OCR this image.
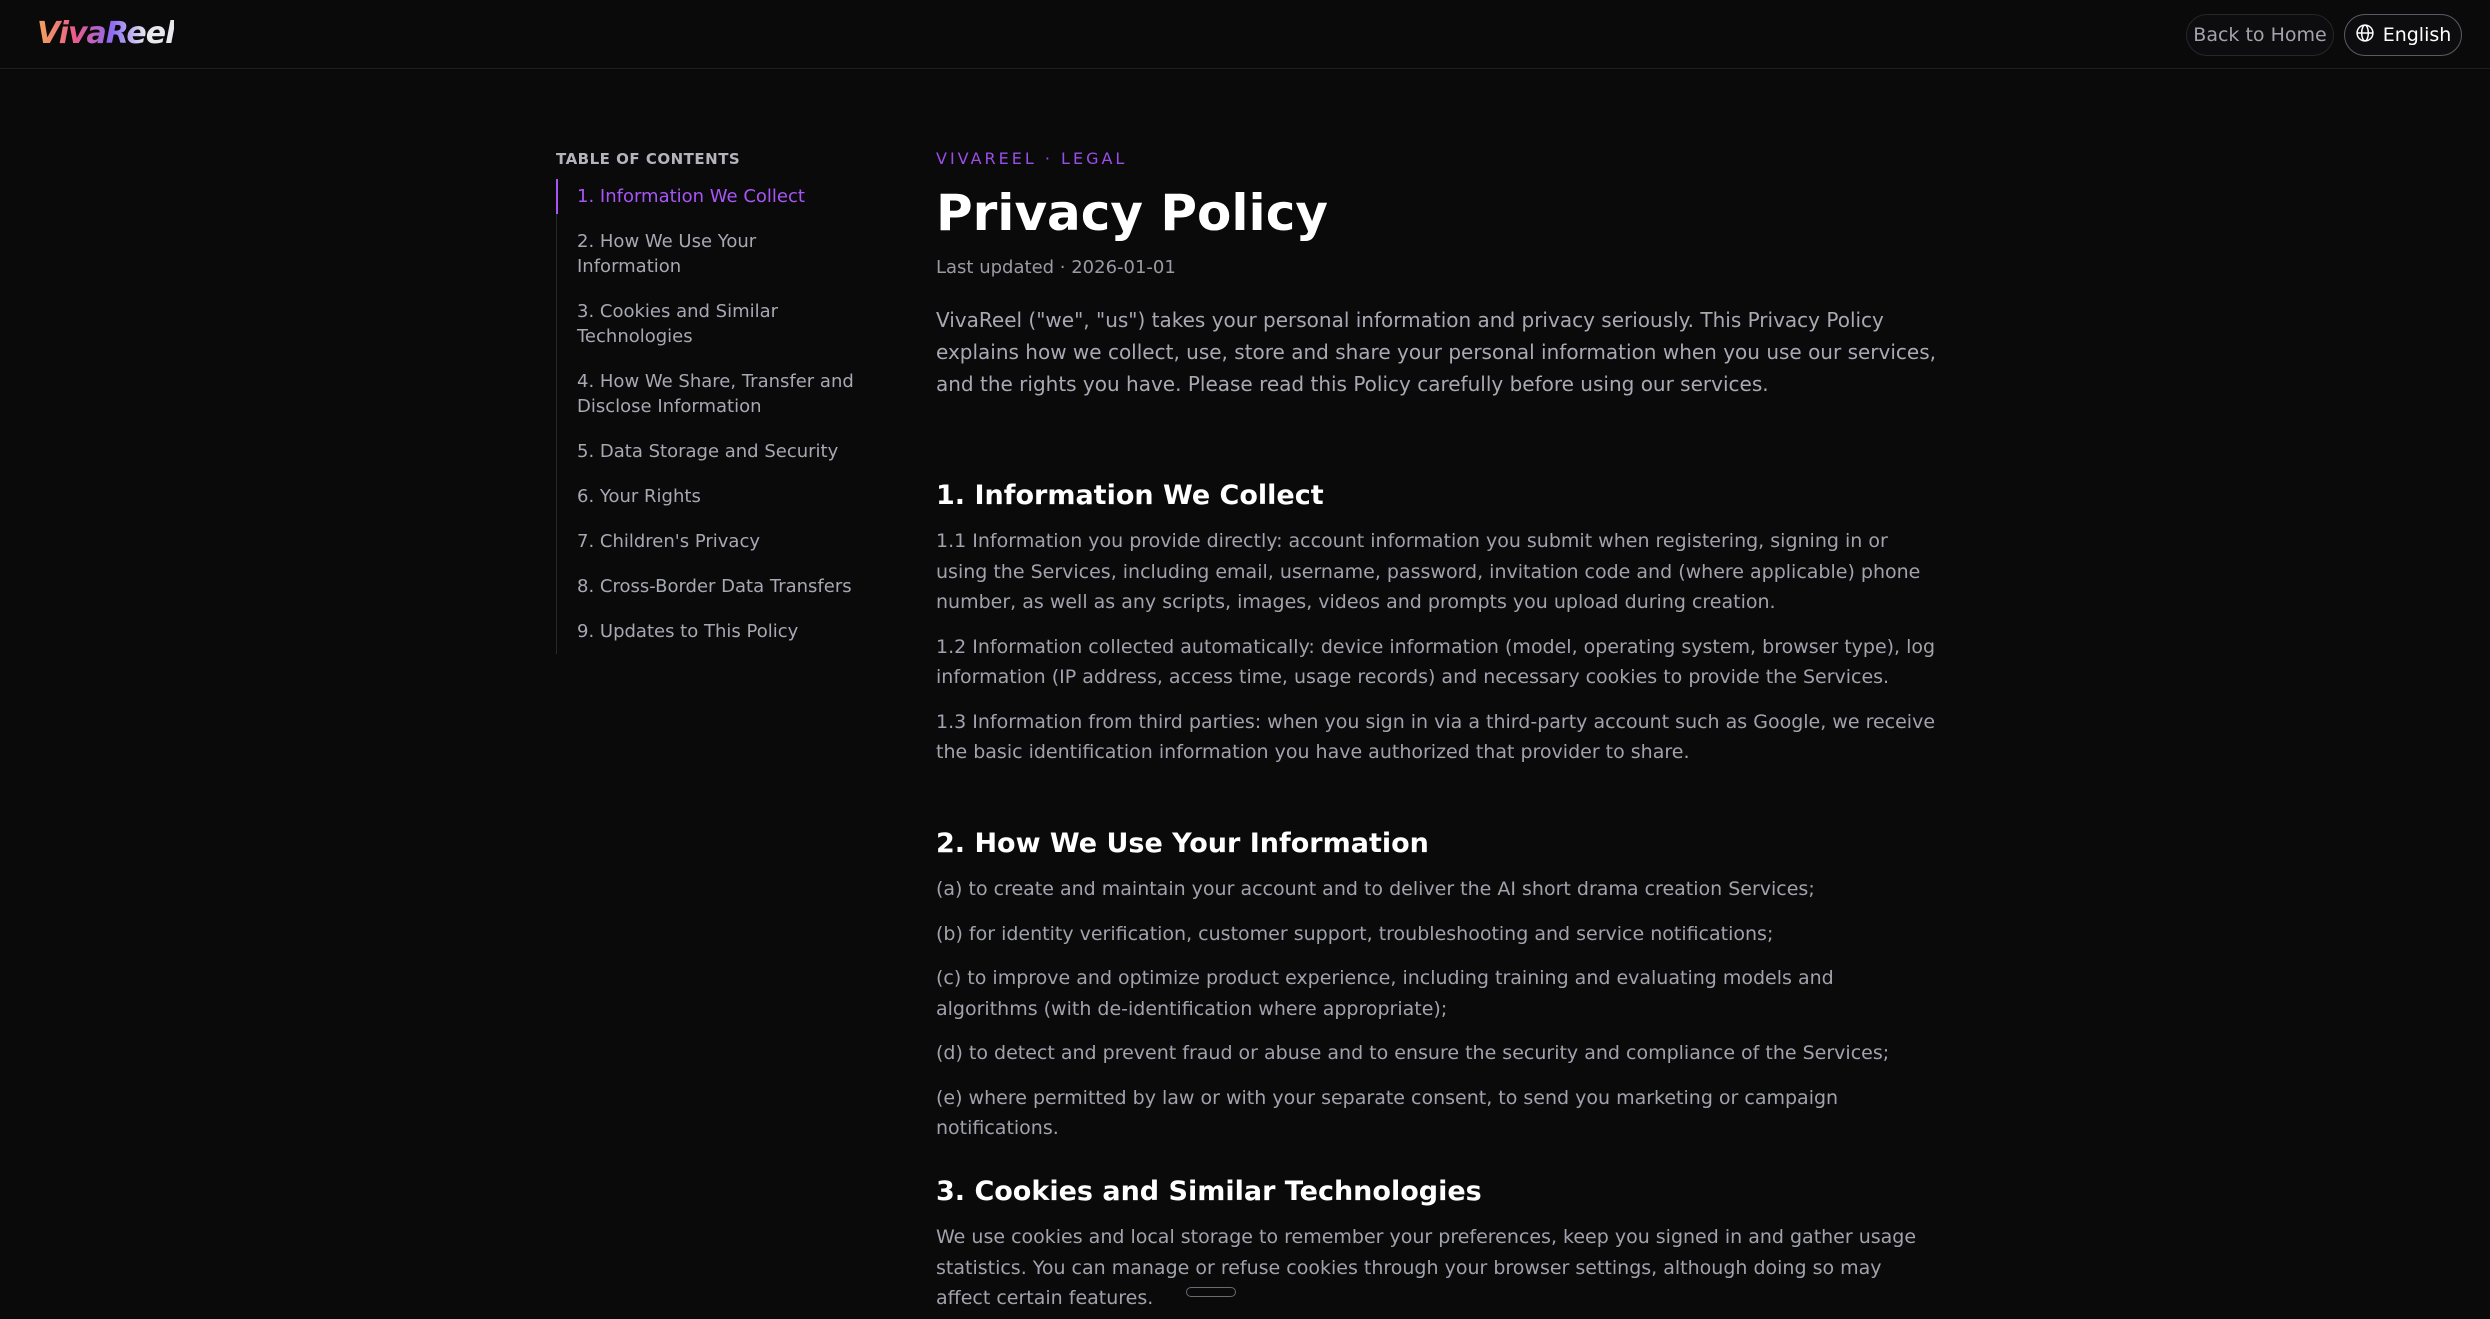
VivaReel	Back to Home	English
TABLE OF CONTENTS
1. Information We Collect
2. How We Use Your Information
3. Cookies and Similar Technologies
4. How We Share, Transfer and Disclose Information
5. Data Storage and Security
6. Your Rights
7. Children's Privacy
8. Cross-Border Data Transfers
9. Updates to This Policy

VIVAREEL · LEGAL

Privacy Policy

Last updated · 2026-01-01

VivaReel ("we", "us") takes your personal information and privacy seriously. This Privacy Policy explains how we collect, use, store and share your personal information when you use our services, and the rights you have. Please read this Policy carefully before using our services.

1. Information We Collect

1.1 Information you provide directly: account information you submit when registering, signing in or using the Services, including email, username, password, invitation code and (where applicable) phone number, as well as any scripts, images, videos and prompts you upload during creation.

1.2 Information collected automatically: device information (model, operating system, browser type), log information (IP address, access time, usage records) and necessary cookies to provide the Services.

1.3 Information from third parties: when you sign in via a third-party account such as Google, we receive the basic identification information you have authorized that provider to share.

2. How We Use Your Information

(a) to create and maintain your account and to deliver the AI short drama creation Services;

(b) for identity verification, customer support, troubleshooting and service notifications;

(c) to improve and optimize product experience, including training and evaluating models and algorithms (with de-identification where appropriate);

(d) to detect and prevent fraud or abuse and to ensure the security and compliance of the Services;

(e) where permitted by law or with your separate consent, to send you marketing or campaign notifications.

3. Cookies and Similar Technologies

We use cookies and local storage to remember your preferences, keep you signed in and gather usage statistics. You can manage or refuse cookies through your browser settings, although doing so may affect certain features.
